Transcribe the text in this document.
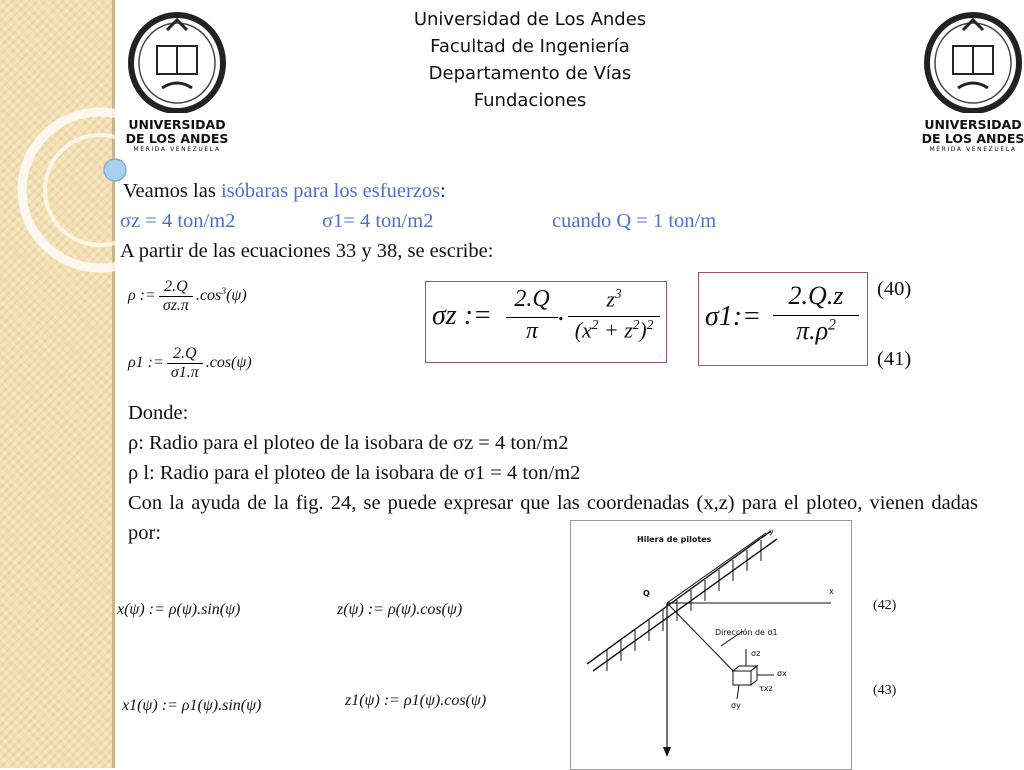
Universidad de Los Andes
Facultad de Ingeniería
Departamento de Vías
Fundaciones
UNIVERSIDAD
DE LOS ANDES
MERIDA VENEZUELA
UNIVERSIDAD
DE LOS ANDES
MERIDA VENEZUELA
Veamos las isóbaras para los esfuerzos:
σz = 4 ton/m2	σ1= 4 ton/m2	cuando Q = 1 ton/m
A partir de las ecuaciones 33 y 38, se escribe:
ρ := $\frac{2.Q}{\sigma z.\pi} .\cos^3(\psi)$
ρ1 := $\frac{2.Q}{\sigma 1.\pi} .\cos(\psi)$
σz :=
2.Q
π
.	$z^3$
$(x^2 + z^2)^2$ σ1:=
2.Q.z
$\pi.\rho^2$
(40)
(41)
Donde:
ρ: Radio para el ploteo de la isobara de σz = 4 ton/m2
ρ l: Radio para el ploteo de la isobara de σ1 = 4 ton/m2
Con la ayuda de la fig. 24, se puede expresar que las coordenadas (x,z) para el ploteo, vienen dadas por:
x(ψ) := ρ(ψ).sin(ψ)	z(ψ) := ρ(ψ).cos(ψ)
x1(ψ) := ρ1(ψ).sin(ψ)	z1(ψ) := ρ1(ψ).cos(ψ)
(42)
(43)
Hilera de pilotes
y
x
Q
Dirección de σ1
σz
σx
τxz
σy
